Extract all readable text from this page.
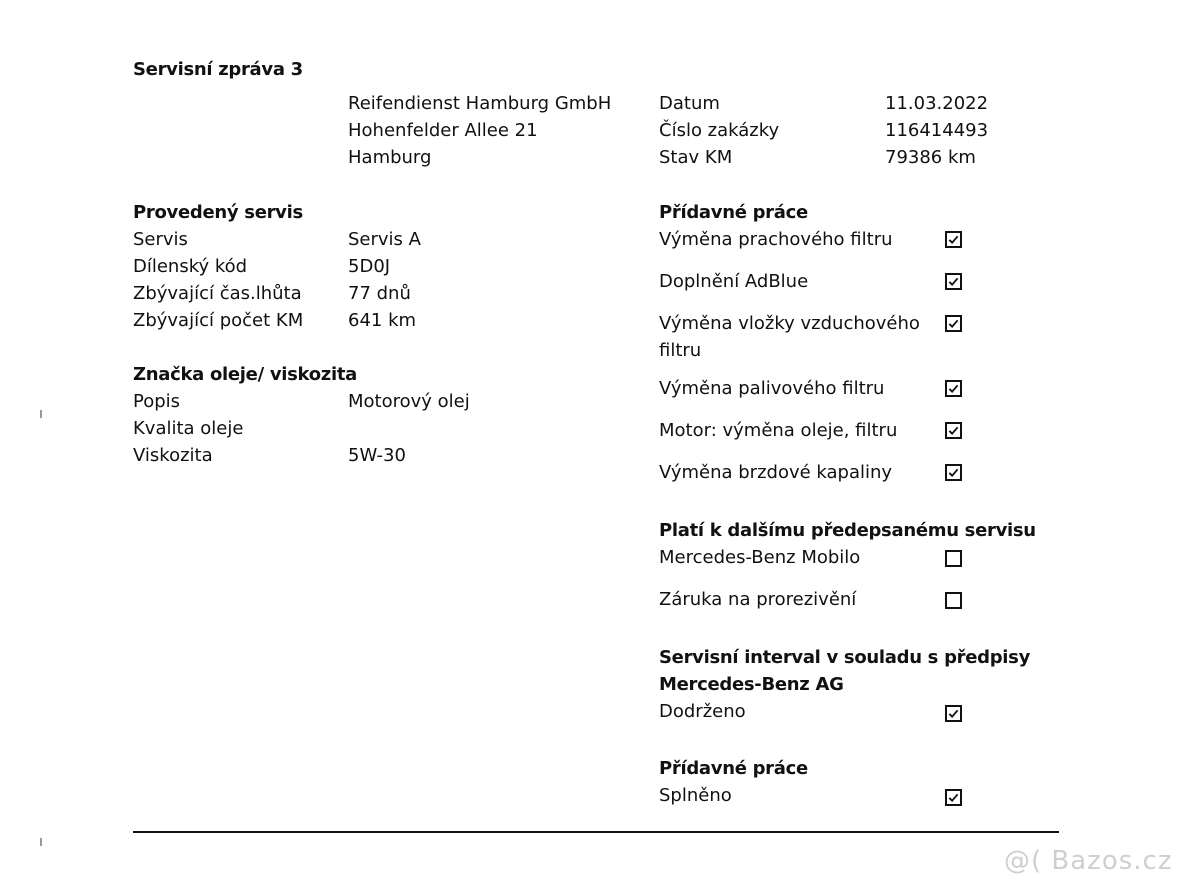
Servisní zpráva 3
Reifendienst Hamburg GmbH
Hohenfelder Allee 21
Hamburg
Datum	11.03.2022
Číslo zakázky	116414493
Stav KM	79386 km
Provedený servis
Servis	Servis A
Dílenský kód	5D0J
Zbývající čas.lhůta	77 dnů
Zbývající počet KM 641 km
Značka oleje/ viskozita
Popis	Motorový olej
Kvalita oleje
Viskozita	5W-30
Přídavné práce
Výměna prachového filtru
Doplnění AdBlue
Výměna vložky vzduchového
filtru
Výměna palivového filtru
Motor: výměna oleje, filtru
Výměna brzdové kapaliny
Platí k dalšímu předepsanému servisu
Mercedes-Benz Mobilo
Záruka na prorezivění
Servisní interval v souladu s předpisy
Mercedes-Benz AG
Dodrženo
Přídavné práce
Splněno
@( Bazos.cz
